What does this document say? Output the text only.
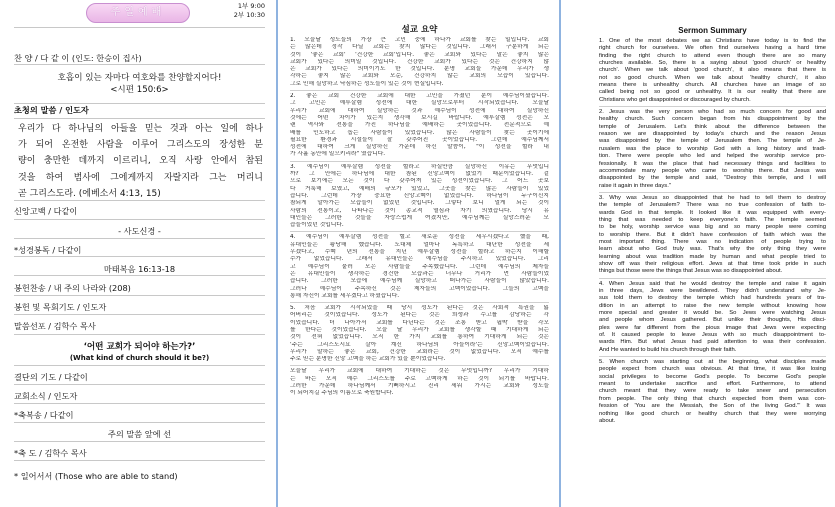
주일예배
1부 9:00
2부 10:30
찬 양 / 다 같 이 (인도: 한승이 집사)
호흡이 있는 자마다 여호와를 찬양할지어다!
<시편 150:6>
초청의 말씀 / 인도자
우리가 다 하나님의 아들을 믿는 것과 아는 일에 하나
가 되어 온전한 사람을 이루어 그리스도의 장성한 분
량이 충만한 데까지 이르리니, 오직 사랑 안에서 참된
것을 하여 범사에 그에게까지 자랄지라 그는 머리니
곧 그리스도라. (에베소서 4:13, 15)
신앙고백 / 다같이
- 사도신경 -
*성경봉독 / 다같이
마태복음 16:13-18
봉헌찬송 / 내 주의 나라와 (208)
봉헌 및 목회기도 / 인도자
말씀선포 / 김학수 목사
‘어떤 교회가 되어야 하는가?’
(What kind of church should it be?)
결단의 기도 / 다같이
교회소식 / 인도자
*축복송 / 다같이
주의 말씀 앞에 선
*축 도 / 김학수 목사
* 일어서서 (Those who are able to stand)
설교 요약
1. 오늘날 성도들의 가장 큰 고민 중에 하나가 교회를 찾는 일입니다. 교회
는 많은데 정작 다닐 교회는 찾지 않다는 것입니다. 그래서 구분하게 되는
것이 '좋은 교회' '건강한 교회'입니다. 좋은 교회와 있다는 말은 좋지 않은
교회가 있다는 의미일 것입니다. 건강한 교회가 있다는 것은 건강하지 않
은 교회가 있다는 의미이기도 한 것입니다. 분명 교회들 가운데 우리가 생
각하는 좋지 않은 교회와 모순, 건강하지 않는 교회의 모습이 있습니다.
그로 인해 실망하고 낙심하는 성도들이 있는 것이 현실입니다.
2. 좋은 교회 건강한 교회에 대한 고민을 가졌던 분이 예수님이셨습니다.
그 고민은 예루살렘 성전에 대한 실망으로부터 시작되었습니다. 오늘날
우리가 교회에 대하여 실망하는 것과 예수님이 성전에 대하여 실망하신
것에는 어떤 차이가 있는지 생각해 보시길 바랍니다. 예루살렘 성전은 오
랜 역사와 전통을 가진 하나님을 예배하는 곳이었습니다. 전문적으로 예
배를 인도하고 돕는 사람들이 있었습니다. 많은 사람들이 찾는 곳이기에
필요한 환경과 시설들이 잘 갖추어진 곳이었습니다. 그런데 예수님께서
성전에 대하여 크게 실망하신 가운데 하신 말씀이, "이 성전을 헐라 내
가 사흘 동안에 일으키리라" 였습니다.
3. 예수님이 예루살렘 성전을 헐라고 하실만큼 실망하신 이유는 무엇입니
까? 그 안에는 하나님에 대한 참된 신앙고백이 없었기 때문이었습니다. 겉
으로 보기에는 모든 것이 다 갖추어져 있는 성전이었습니다. 그 어느 곳보
다 거룩해 보였고, 예배의 규모가 있었고, 그곳을 찾는 많은 사람들이 있었
습니다. 그런데 가장 중요한 신앙고백이 없었습니다. 하나님이 누구이신지
참되게 알아가는 모습들이 없었던 것입니다. 그렇다 보니 얼게 되는 것이
사람의 전통이고, 나타나는 것이 종교적 열심과 자기 의였습니다. 당시 유
대인들은 그러한 것들을 자랑스럽게 여겼지만, 예수님께는 실망스러운 모
습들이었던 것입니다.
4. 예수님이 예루살렘 성전을 헐고 새로운 성전을 세우시겠다고 했을 때,
유대인들은 황당해 했습니다. 도대체 얼마나 독특하고 대단한 성전을 세
우겠다고, 수백 년의 전통을 지닌 예루살렘 성전을 헐라고 하는지 이해할
수가 없었습니다. 그래서 유대인들은 예수님을 주시하고 있었습니다. 그리
고 예수님이 붙러 모은 사람들을 주목했습니다. 그런데 예수님의 제자들
은 유대인들이 생각하는 경건한 모습과는 너무나 거리가 먼 사람들이었
습니다. 그러한 모습에 예수님께 실망하고 떠나가는 사람들이 많았습니다.
그러나 예수님이 주목하신 것은 제자들의 고백이었습니다. 그들의 고백을
통해 자신이 교회를 세우겠다고 하셨습니다.
5. 처음 교회가 시작되었을 때 당시 성도가 된다는 것은 사회적 특권을 잃
어버리는 것이었습니다. 성도가 된다는 것은 희생과 수고를 감당하는 각
이었습니다. 더 나아가서 교회를 다닌다는 것은 조롱 받고 핍박 받을 각오
를 한다는 것이었습니다. 오늘 날 우리가 교회를 생각할 때 기대하게 되는
것이 전혀 없었습니다. 오직 한 가지 교회를 통하여 기대하게 되는 것은
'주는 그리스도시요 살아 계신 하나님의 아들이라'는 신앙고백이었습니다.
우리가 말하는 좋은 교회, 건강한 교회라는 것이 없었습니다. 오직 예수를
주로 믿는 분명한 신앙 고백을 하는 교회가 있을 뿐이었습니다.
오늘날 우리가 교회에 대하여 기대하는 것은 무엇입니까? 우리가 기대하
는 바는 오직 예수 그리스도를 주로 고백하게 하는 것이 되기를 바랍니다.
그러한 가운데 하나님께서 기뻐하시고 진리 세워 가시는 교회와 성도들
이 되어지길 주님의 이름으로 축원합니다.
Sermon Summary
1. One of the most debates we as Christians have today is to find the
right church for ourselves. We often find ourselves having a hard time
finding the right church to attend even though there are so many
churches available. So, there is a saying about 'good church' or healthy
church'. When we talk about 'good church', it also means that there is
not so good church. When we talk about 'healthy church', it also
means there is unhealthy church. All churches have an image of so
called being not so good or unhealthy. It is our reality that there are
Christians who get disappointed or discouraged by church.
2. Jesus was the very person who had so much concern for good and
healthy church. Such concern began from his disappointment by the
temple of Jerusalem. Let's think about the difference between the
reason we are disappointed by today's church and the reason Jesus
was disappointed by the temple of Jerusalem then. The temple of Je-
rusalem was the place to worship God with a long history and tradi-
tion. There were people who led and helped the worship service pro-
fessionally. It was the place that had necessary things and facilities to
accommodate many people who came to worship there. But Jesus was
disappointed by the temple and said, "Destroy this temple, and I will
raise it again in three days."
3. Why was Jesus so disappointed that he had to tell them to destroy
the temple of Jerusalem? There was no true confession of faith to-
wards God in that temple. It looked like it was equipped with every-
thing that was needed to keep everyone's faith. The temple seemed
to be holy, worship service was big and so many people were coming
to worship there. But it didn't have confession of faith which was the
most important thing. There was no indication of people trying to
learn about who God truly was. That's why the only thing they were
learning about was tradition made by human and what people tried to
show off was their religious effort. Jews at that time took pride in such
things but those were the things that Jesus was so disappointed about.
4. When Jesus said that he would destroy the temple and raise it again
in three days, Jews were bewildered. They didn't understand why Je-
sus told them to destroy the temple which had hundreds years of tra-
dition in an attempt to raise the new temple without knowing how
more special and greater it would be. So Jews were watching Jesus
and people whom Jesus gathered. But unlike their thoughts, His disci-
ples were far different from the pious image that Jews were expecting
of. It caused people to leave Jesus with so much disappointment to-
wards Him. But what Jesus had paid attention to was their confession.
And He wanted to build his church through their faith.
5. When church was starting out at the beginning, what disciples made
people expect from church was obvious. At that time, it was like losing
social privileges to become God's people. To become God's people
meant to undertake sacrifice and effort. Furthermore, to attend
church meant that they were ready to take sneer and persecution
from people. The only thing that church expected from them was con-
fession of 'You are the Messiah, the Son of the living God.'" It was
nothing like good church or healthy church that they were worrying
about.
